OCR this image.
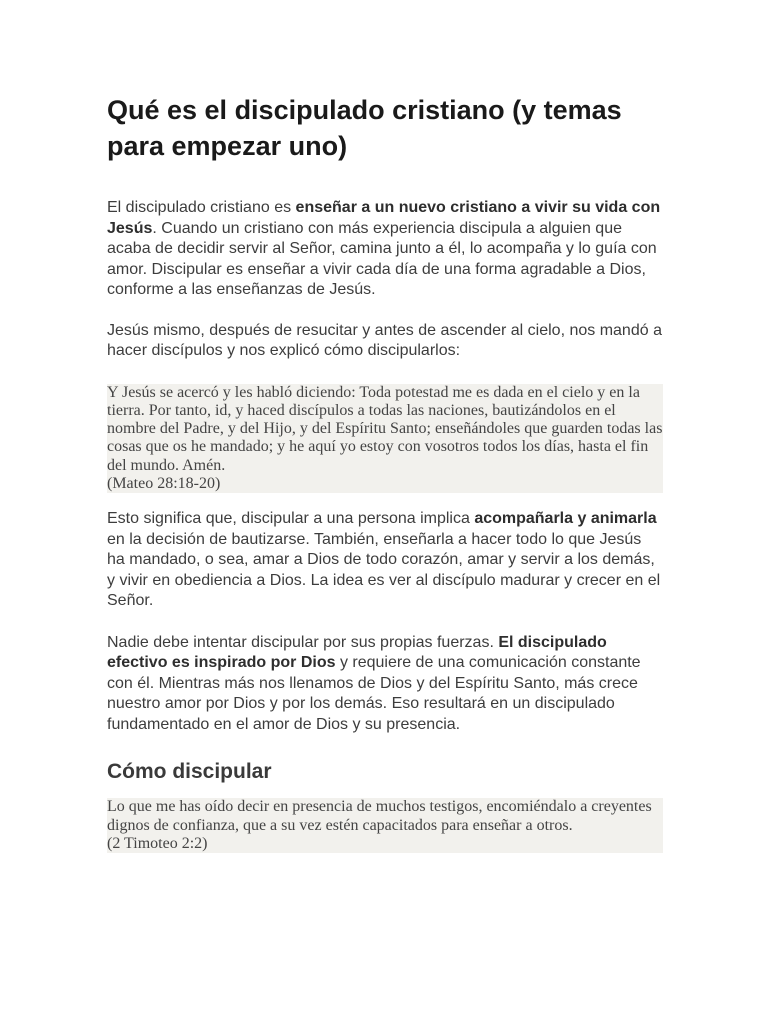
Qué es el discipulado cristiano (y temas para empezar uno)

El discipulado cristiano es enseñar a un nuevo cristiano a vivir su vida con Jesús. Cuando un cristiano con más experiencia discipula a alguien que acaba de decidir servir al Señor, camina junto a él, lo acompaña y lo guía con amor. Discipular es enseñar a vivir cada día de una forma agradable a Dios, conforme a las enseñanzas de Jesús.

Jesús mismo, después de resucitar y antes de ascender al cielo, nos mandó a hacer discípulos y nos explicó cómo discipularlos:

Y Jesús se acercó y les habló diciendo: Toda potestad me es dada en el cielo y en la tierra. Por tanto, id, y haced discípulos a todas las naciones, bautizándolos en el nombre del Padre, y del Hijo, y del Espíritu Santo; enseñándoles que guarden todas las cosas que os he mandado; y he aquí yo estoy con vosotros todos los días, hasta el fin del mundo. Amén.
(Mateo 28:18-20)

Esto significa que, discipular a una persona implica acompañarla y animarla en la decisión de bautizarse. También, enseñarla a hacer todo lo que Jesús ha mandado, o sea, amar a Dios de todo corazón, amar y servir a los demás, y vivir en obediencia a Dios. La idea es ver al discípulo madurar y crecer en el Señor.

Nadie debe intentar discipular por sus propias fuerzas. El discipulado efectivo es inspirado por Dios y requiere de una comunicación constante con él. Mientras más nos llenamos de Dios y del Espíritu Santo, más crece nuestro amor por Dios y por los demás. Eso resultará en un discipulado fundamentado en el amor de Dios y su presencia.

Cómo discipular
Lo que me has oído decir en presencia de muchos testigos, encomiéndalo a creyentes dignos de confianza, que a su vez estén capacitados para enseñar a otros.
(2 Timoteo 2:2)
